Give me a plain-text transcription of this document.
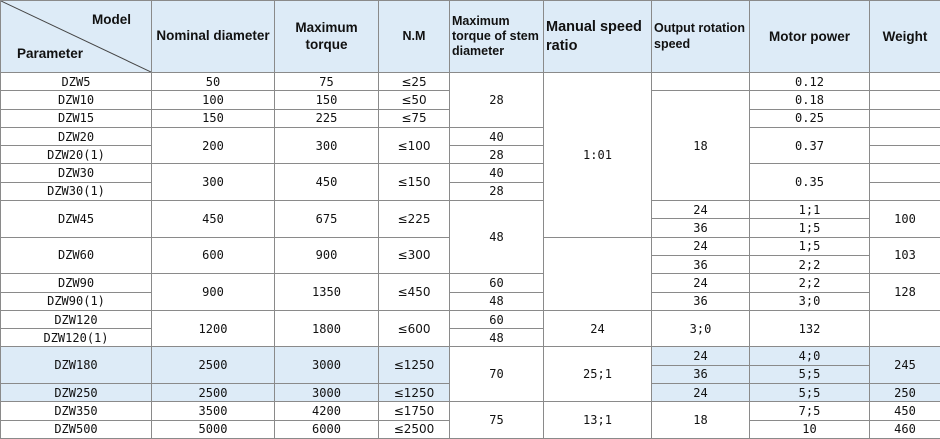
Model
Parameter	Nominal diameter	Maximum torque	N.M	Maximum torque of stem diameter	Manual speed ratio	Output rotation speed	Motor power	Weight
DZW5	50	75	≤25	28	1:01		0.12	
DZW10	100	150	≤50			18	0.18	
DZW15	150	225	≤75				0.25	
DZW20	200	300	≤100	40			0.37	
DZW20(1)				28				
DZW30	300	450	≤150	40			0.35	
DZW30(1)				28				
DZW45	450	675	≤225	48		24	1;1	100
						36	1;5	
DZW60	600	900	≤300			24	1;5	103
						36	2;2	
DZW90	900	1350	≤450	60		24	2;2	128
DZW90(1)				48		36	3;0	
DZW120	1200	1800	≤600	60	24	3;0	132	
DZW120(1)				48				
DZW180	2500	3000	≤1250	70	25;1	24	4;0	245
						36	5;5	
DZW250	2500	3000	≤1250			24	5;5	250
DZW350	3500	4200	≤1750	75	13;1	18	7;5	450
DZW500	5000	6000	≤2500				10	460
